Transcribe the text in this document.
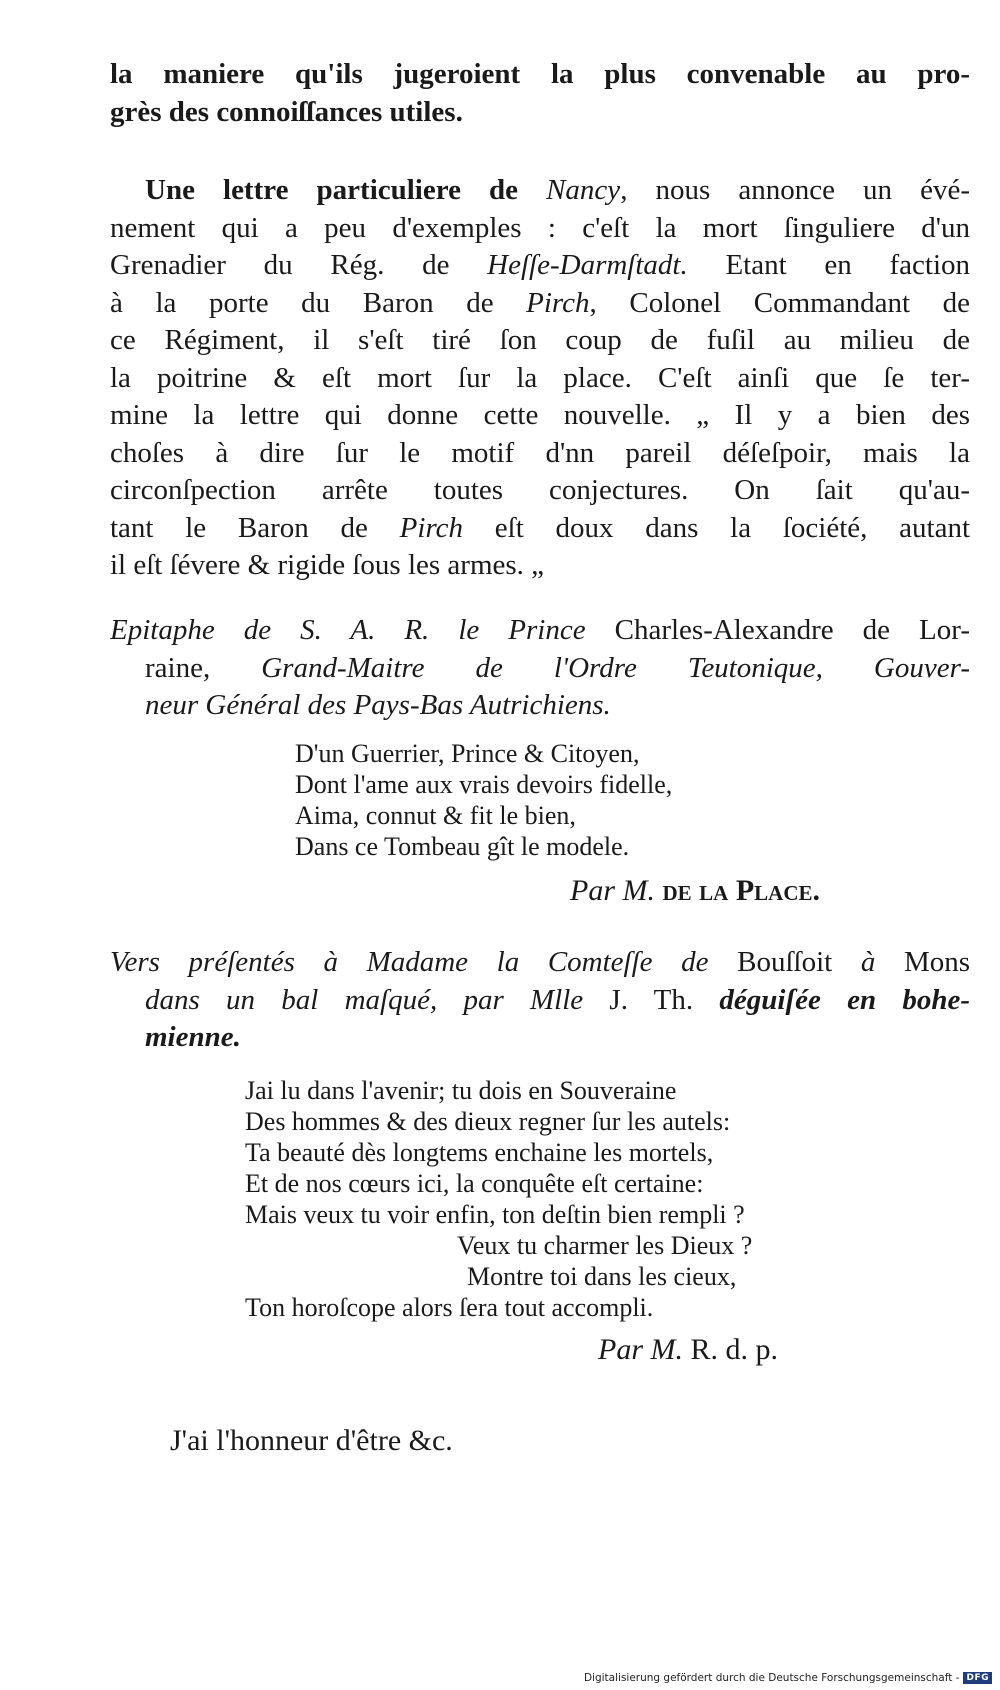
la maniere qu'ils jugeroient la plus convenable au pro-
grès des connoiſſances utiles.
Une lettre particuliere de Nancy, nous annonce un évé-
nement qui a peu d'exemples : c'eſt la mort ſinguliere d'un
Grenadier du Rég. de Heſſe-Darmſtadt. Etant en faction
à la porte du Baron de Pirch, Colonel Commandant de
ce Régiment, il s'eſt tiré ſon coup de fuſil au milieu de
la poitrine & eſt mort ſur la place. C'eſt ainſi que ſe ter-
mine la lettre qui donne cette nouvelle. „ Il y a bien des
choſes à dire ſur le motif d'nn pareil déſeſpoir, mais la
circonſpection arrête toutes conjectures. On ſait qu'au-
tant le Baron de Pirch eſt doux dans la ſociété, autant
il eſt ſévere & rigide ſous les armes. „
Epitaphe de S. A. R. le Prince Charles-Alexandre de Lor-
raine, Grand-Maitre de l'Ordre Teutonique, Gouver-
neur Général des Pays-Bas Autrichiens.
D'un Guerrier, Prince & Citoyen,
Dont l'ame aux vrais devoirs fidelle,
Aima, connut & fit le bien,
Dans ce Tombeau gît le modele.
Par M. de la Place.
Vers préſentés à Madame la Comteſſe de Bouſſoit à Mons
dans un bal maſqué, par Mlle J. Th. déguiſée en bohe-
mienne.
Jai lu dans l'avenir; tu dois en Souveraine
Des hommes & des dieux regner ſur les autels:
Ta beauté dès longtems enchaine les mortels,
Et de nos cœurs ici, la conquête eſt certaine:
Mais veux tu voir enfin, ton deſtin bien rempli ?
Veux tu charmer les Dieux ?
Montre toi dans les cieux,
Ton horoſcope alors ſera tout accompli.
Par M. R. d. p.
J'ai l'honneur d'être &c.
Digitalisierung gefördert durch die Deutsche Forschungsgemeinschaft - DFG
